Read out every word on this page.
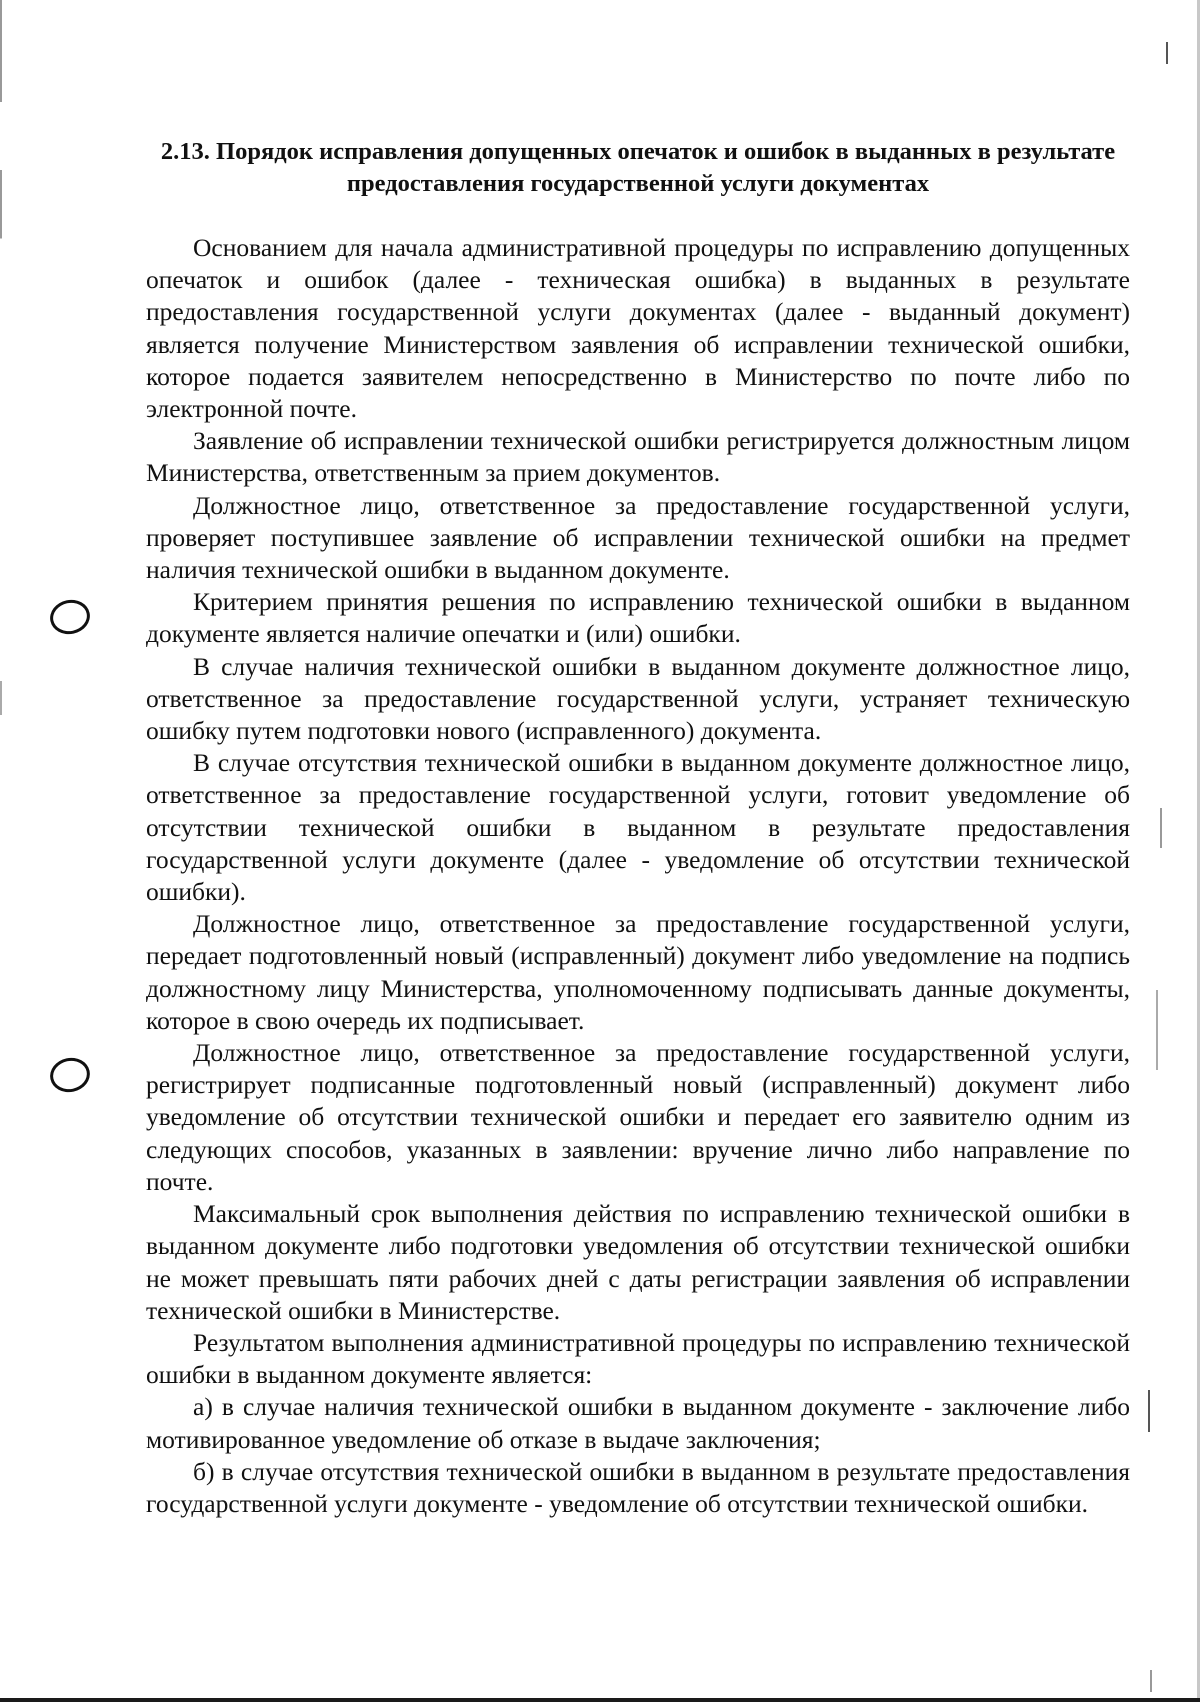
2.13. Порядок исправления допущенных опечаток и ошибок в выданных в результате предоставления государственной услуги документах

Основанием для начала административной процедуры по исправлению допущенных опечаток и ошибок (далее - техническая ошибка) в выданных в результате предоставления государственной услуги документах (далее - выданный документ) является получение Министерством заявления об исправлении технической ошибки, которое подается заявителем непосредственно в Министерство по почте либо по электронной почте.

Заявление об исправлении технической ошибки регистрируется должностным лицом Министерства, ответственным за прием документов.

Должностное лицо, ответственное за предоставление государственной услуги, проверяет поступившее заявление об исправлении технической ошибки на предмет наличия технической ошибки в выданном документе.

Критерием принятия решения по исправлению технической ошибки в выданном документе является наличие опечатки и (или) ошибки.

В случае наличия технической ошибки в выданном документе должностное лицо, ответственное за предоставление государственной услуги, устраняет техническую ошибку путем подготовки нового (исправленного) документа.

В случае отсутствия технической ошибки в выданном документе должностное лицо, ответственное за предоставление государственной услуги, готовит уведомление об отсутствии технической ошибки в выданном в результате предоставления государственной услуги документе (далее - уведомление об отсутствии технической ошибки).

Должностное лицо, ответственное за предоставление государственной услуги, передает подготовленный новый (исправленный) документ либо уведомление на подпись должностному лицу Министерства, уполномоченному подписывать данные документы, которое в свою очередь их подписывает.

Должностное лицо, ответственное за предоставление государственной услуги, регистрирует подписанные подготовленный новый (исправленный) документ либо уведомление об отсутствии технической ошибки и передает его заявителю одним из следующих способов, указанных в заявлении: вручение лично либо направление по почте.

Максимальный срок выполнения действия по исправлению технической ошибки в выданном документе либо подготовки уведомления об отсутствии технической ошибки не может превышать пяти рабочих дней с даты регистрации заявления об исправлении технической ошибки в Министерстве.

Результатом выполнения административной процедуры по исправлению технической ошибки в выданном документе является:

а) в случае наличия технической ошибки в выданном документе - заключение либо мотивированное уведомление об отказе в выдаче заключения;

б) в случае отсутствия технической ошибки в выданном в результате предоставления государственной услуги документе - уведомление об отсутствии технической ошибки.
